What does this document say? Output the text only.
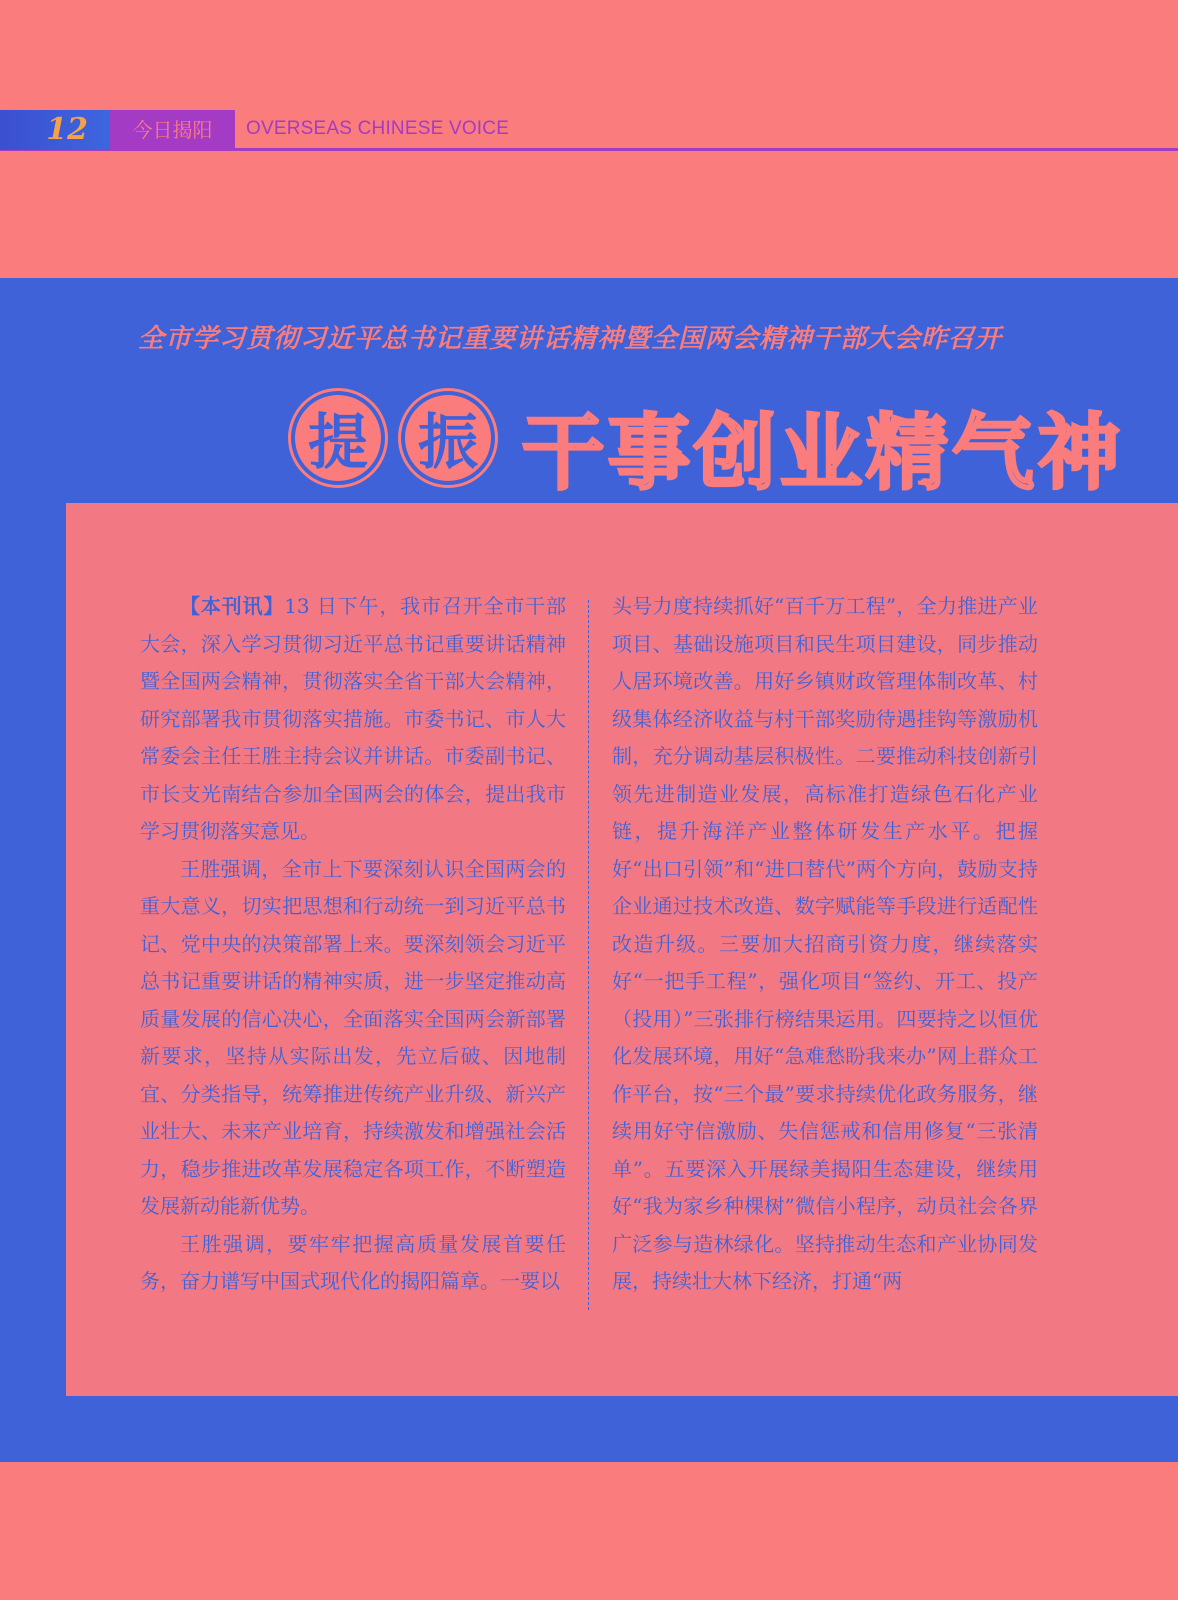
12	今日揭阳	OVERSEAS CHINESE VOICE
全市学习贯彻习近平总书记重要讲话精神暨全国两会精神干部大会昨召开
提 振 干事创业精气神

【本刊讯】13 日下午，我市召开全市干部大会，深入学习贯彻习近平总书记重要讲话精神暨全国两会精神，贯彻落实全省干部大会精神，研究部署我市贯彻落实措施。市委书记、市人大常委会主任王胜主持会议并讲话。市委副书记、市长支光南结合参加全国两会的体会，提出我市学习贯彻落实意见。

王胜强调，全市上下要深刻认识全国两会的重大意义，切实把思想和行动统一到习近平总书记、党中央的决策部署上来。要深刻领会习近平总书记重要讲话的精神实质，进一步坚定推动高质量发展的信心决心，全面落实全国两会新部署新要求，坚持从实际出发，先立后破、因地制宜、分类指导，统筹推进传统产业升级、新兴产业壮大、未来产业培育，持续激发和增强社会活力，稳步推进改革发展稳定各项工作，不断塑造发展新动能新优势。

王胜强调，要牢牢把握高质量发展首要任务，奋力谱写中国式现代化的揭阳篇章。一要以

头号力度持续抓好“百千万工程”，全力推进产业项目、基础设施项目和民生项目建设，同步推动人居环境改善。用好乡镇财政管理体制改革、村级集体经济收益与村干部奖励待遇挂钩等激励机制，充分调动基层积极性。二要推动科技创新引领先进制造业发展，高标准打造绿色石化产业链，提升海洋产业整体研发生产水平。把握好“出口引领”和“进口替代”两个方向，鼓励支持企业通过技术改造、数字赋能等手段进行适配性改造升级。三要加大招商引资力度，继续落实好“一把手工程”，强化项目“签约、开工、投产（投用）”三张排行榜结果运用。四要持之以恒优化发展环境，用好“急难愁盼我来办”网上群众工作平台，按“三个最”要求持续优化政务服务，继续用好守信激励、失信惩戒和信用修复“三张清单”。五要深入开展绿美揭阳生态建设，继续用好“我为家乡种棵树”微信小程序，动员社会各界广泛参与造林绿化。坚持推动生态和产业协同发展，持续壮大林下经济，打通“两
